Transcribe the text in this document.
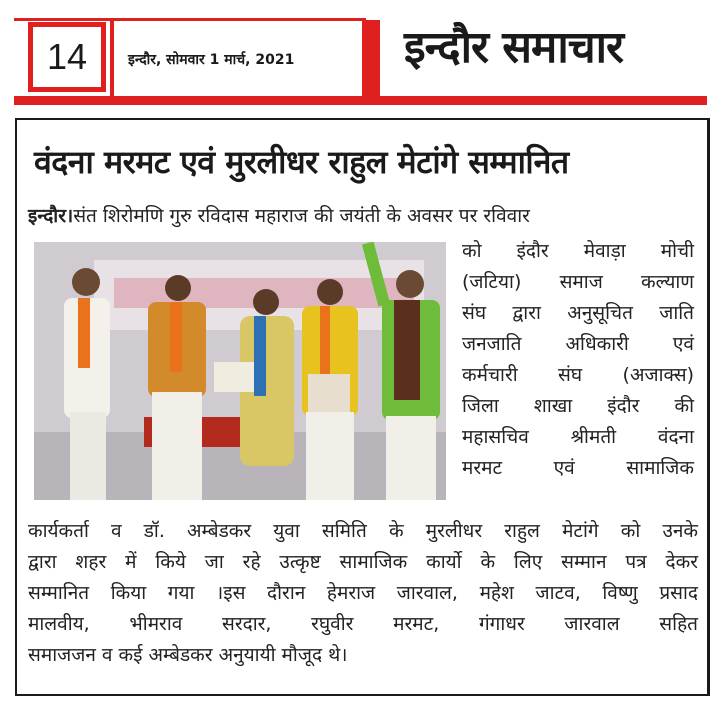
14	इन्दौर, सोमवार 1 मार्च, 2021 इन्दौर समाचार
वंदना मरमट एवं मुरलीधर राहुल मेटांगे सम्मानित
इन्दौर।संत शिरोमणि गुरु रविदास महाराज की जयंती के अवसर पर रविवार
को इंदौर मेवाड़ा मोची
(जटिया) समाज कल्याण
संघ द्वारा अनुसूचित जाति
जनजाति अधिकारी एवं
कर्मचारी संघ (अजाक्स)
जिला शाखा इंदौर की
महासचिव श्रीमती वंदना
मरमट एवं सामाजिक
कार्यकर्ता व डॉ. अम्बेडकर युवा समिति के मुरलीधर राहुल मेटांगे को उनके
द्वारा शहर में किये जा रहे उत्कृष्ट सामाजिक कार्यो के लिए सम्मान पत्र देकर
सम्मानित किया गया ।इस दौरान हेमराज जारवाल, महेश जाटव, विष्णु प्रसाद
मालवीय, भीमराव सरदार, रघुवीर मरमट, गंगाधर जारवाल सहित
समाजजन व कई अम्बेडकर अनुयायी मौजूद थे।
